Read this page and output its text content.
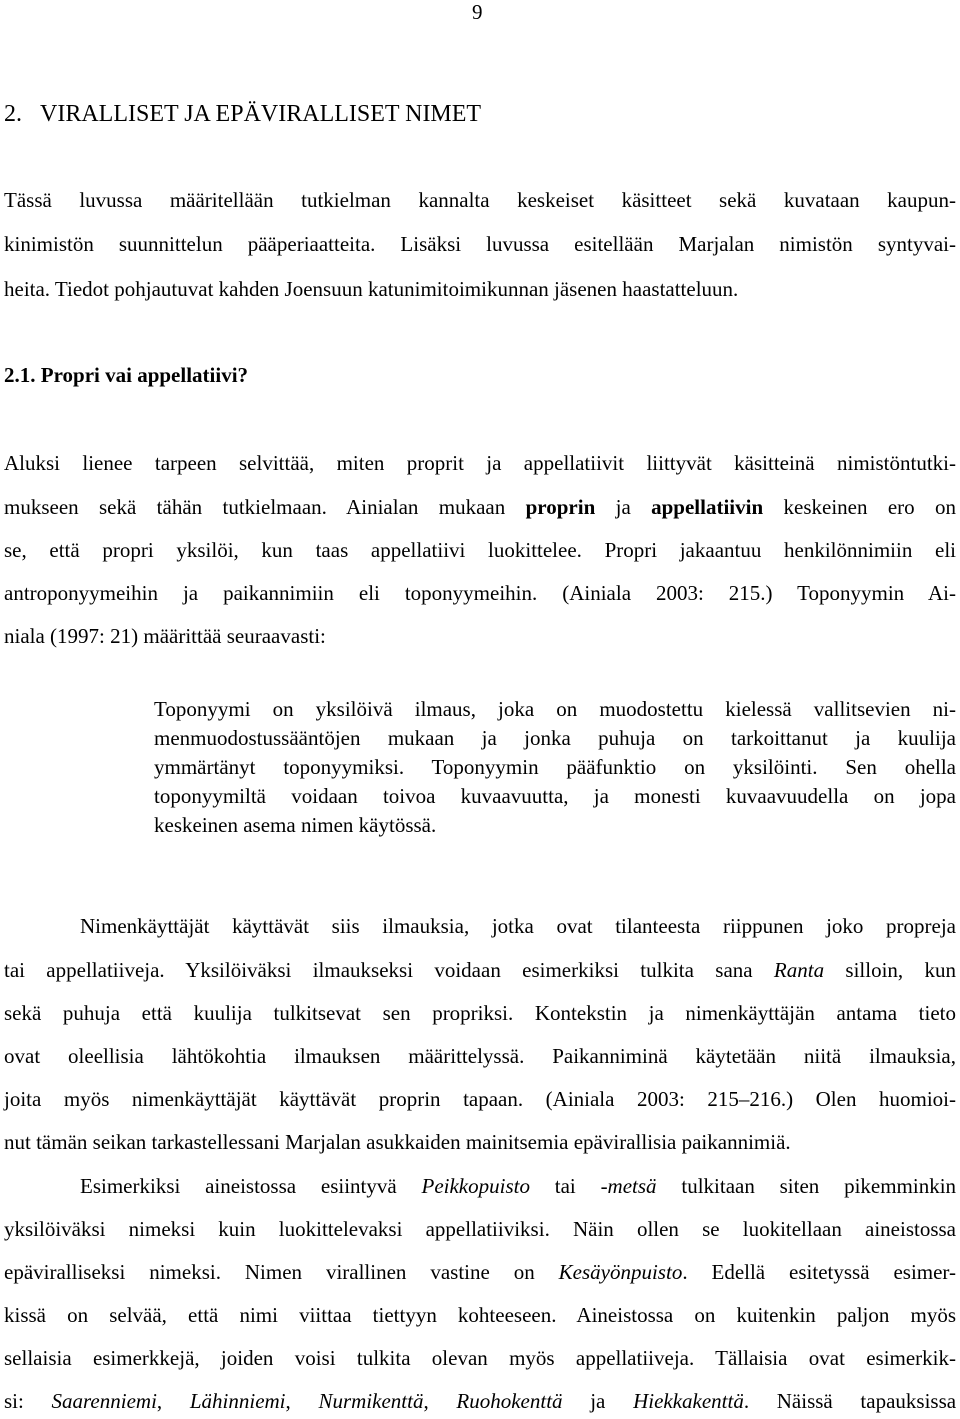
9
2. VIRALLISET JA EPÄVIRALLISET NIMET
Tässä luvussa määritellään tutkielman kannalta keskeiset käsitteet sekä kuvataan kaupun-
kinimistön suunnittelun pääperiaatteita. Lisäksi luvussa esitellään Marjalan nimistön syntyvai-
heita. Tiedot pohjautuvat kahden Joensuun katunimitoimikunnan jäsenen haastatteluun.
2.1. Propri vai appellatiivi?
Aluksi lienee tarpeen selvittää, miten proprit ja appellatiivit liittyvät käsitteinä nimistöntutki-
mukseen sekä tähän tutkielmaan. Ainialan mukaan proprin ja appellatiivin keskeinen ero on
se, että propri yksilöi, kun taas appellatiivi luokittelee. Propri jakaantuu henkilönnimiin eli
antroponyymeihin ja paikannimiin eli toponyymeihin. (Ainiala 2003: 215.) Toponyymin Ai-
niala (1997: 21) määrittää seuraavasti:
Toponyymi on yksilöivä ilmaus, joka on muodostettu kielessä vallitsevien ni-
menmuodostussääntöjen mukaan ja jonka puhuja on tarkoittanut ja kuulija
ymmärtänyt toponyymiksi. Toponyymin pääfunktio on yksilöinti. Sen ohella
toponyymiltä voidaan toivoa kuvaavuutta, ja monesti kuvaavuudella on jopa
keskeinen asema nimen käytössä.
Nimenkäyttäjät käyttävät siis ilmauksia, jotka ovat tilanteesta riippunen joko propreja
tai appellatiiveja. Yksilöiväksi ilmaukseksi voidaan esimerkiksi tulkita sana Ranta silloin, kun
sekä puhuja että kuulija tulkitsevat sen propriksi. Kontekstin ja nimenkäyttäjän antama tieto
ovat oleellisia lähtökohtia ilmauksen määrittelyssä. Paikanniminä käytetään niitä ilmauksia,
joita myös nimenkäyttäjät käyttävät proprin tapaan. (Ainiala 2003: 215–216.) Olen huomioi-
nut tämän seikan tarkastellessani Marjalan asukkaiden mainitsemia epävirallisia paikannimiä.
Esimerkiksi aineistossa esiintyvä Peikkopuisto tai -metsä tulkitaan siten pikemminkin
yksilöiväksi nimeksi kuin luokittelevaksi appellatiiviksi. Näin ollen se luokitellaan aineistossa
epäviralliseksi nimeksi. Nimen virallinen vastine on Kesäyönpuisto. Edellä esitetyssä esimer-
kissä on selvää, että nimi viittaa tiettyyn kohteeseen. Aineistossa on kuitenkin paljon myös
sellaisia esimerkkejä, joiden voisi tulkita olevan myös appellatiiveja. Tällaisia ovat esimerkik-
si: Saarenniemi, Lähinniemi, Nurmikenttä, Ruohokenttä ja Hiekkakenttä. Näissä tapauksissa
